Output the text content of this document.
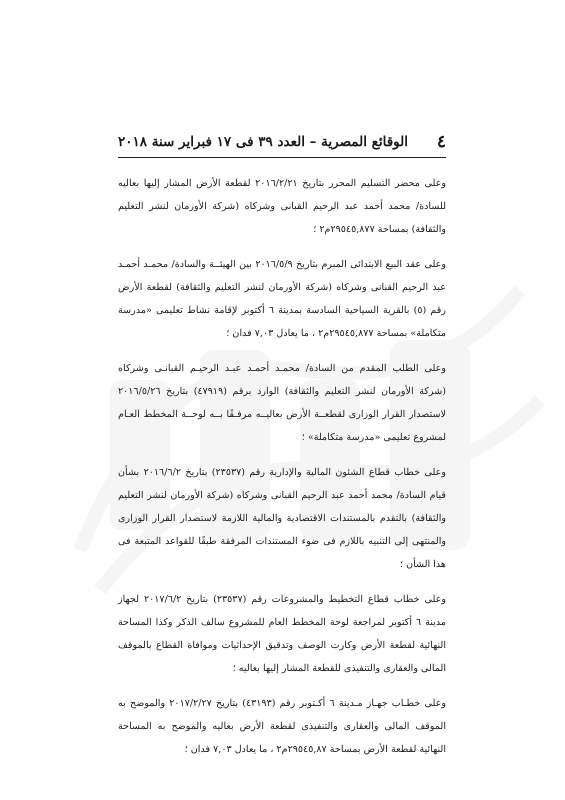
٤
الوقائع المصرية – العدد ٣٩ فى ١٧ فبراير سنة ٢٠١٨

وعلى محضر التسليم المحرر بتاريخ ٢٠١٦/٢/٢١ لقطعة الأرض المشار إليها بعاليه للسادة/ محمد أحمد عبد الرحيم القبانى وشركاه (شركة الأورمان لنشر التعليم والثقافة) بمساحة ٢٩٥٤٥,٨٧٧م٢ ؛

وعلى عقد البيع الابتدائى المبرم بتاريخ ٢٠١٦/٥/٩ بين الهيئــة والسادة/ محمـد أحمـد عبد الرحيم القبانى وشركاه (شركة الأورمان لنشر التعليم والثقافة) لقطعة الأرض رقم (٥) بالقرية السياحية السادسة بمدينة ٦ أكتوبر لإقامة نشاط تعليمى «مدرسة متكاملة» بمساحة ٢٩٥٤٥,٨٧٧م٢ ، ما يعادل ٧,٠٣ فدان ؛

وعلى الطلب المقدم من السادة/ محمـد أحمـد عبـد الرحيـم القبانـى وشركاه (شركة الأورمان لنشر التعليم والثقافة) الوارد برقم (٤٧٩١٩) بتاريخ ٢٠١٦/٥/٢٦ لاستصدار القرار الوزارى لقطعــة الأرض بعاليــه مرفـقًا بــه لوحــة المخطط العـام لمشروع تعليمى «مدرسة متكاملة» ؛

وعلى خطاب قطاع الشئون المالية والإدارية رقم (٢٣٥٣٧) بتاريخ ٢٠١٦/٦/٢ بشأن قيام السادة/ محمد أحمد عبد الرحيم القبانى وشركاه (شركة الأورمان لنشر التعليم والثقافة) بالتقدم بالمستندات الاقتصادية والمالية اللازمة لاستصدار القرار الوزارى والمنتهى إلى التنبيه باللازم فى ضوء المستندات المرفقة طبقًا للقواعد المتبعة فى هذا الشأن ؛

وعلى خطاب قطاع التخطيط والمشروعات رقم (٢٣٥٣٧) بتاريخ ٢٠١٧/٦/٢ لجهاز مدينة ٦ أكتوبر لمراجعة لوحة المخطط العام للمشروع سالف الذكر وكذا المساحة النهائية لقطعة الأرض وكارت الوصف وتدقيق الإحداثيات وموافاة القطاع بالموقف المالى والعقارى والتنفيذى للقطعة المشار إليها بعاليه ؛

وعلى خطـاب جهـاز مـدينة ٦ أكـتوبر رقم (٤٣١٩٣) بتاريخ ٢٠١٧/٢/٢٧ والموضح به الموقف المالى والعقارى والتنفيذى لقطعة الأرض بعاليه والموضح به المساحة النهائية لقطعة الأرض بمساحة ٢٩٥٤٥,٨٧م٢ ، ما يعادل ٧,٠٣ فدان ؛
